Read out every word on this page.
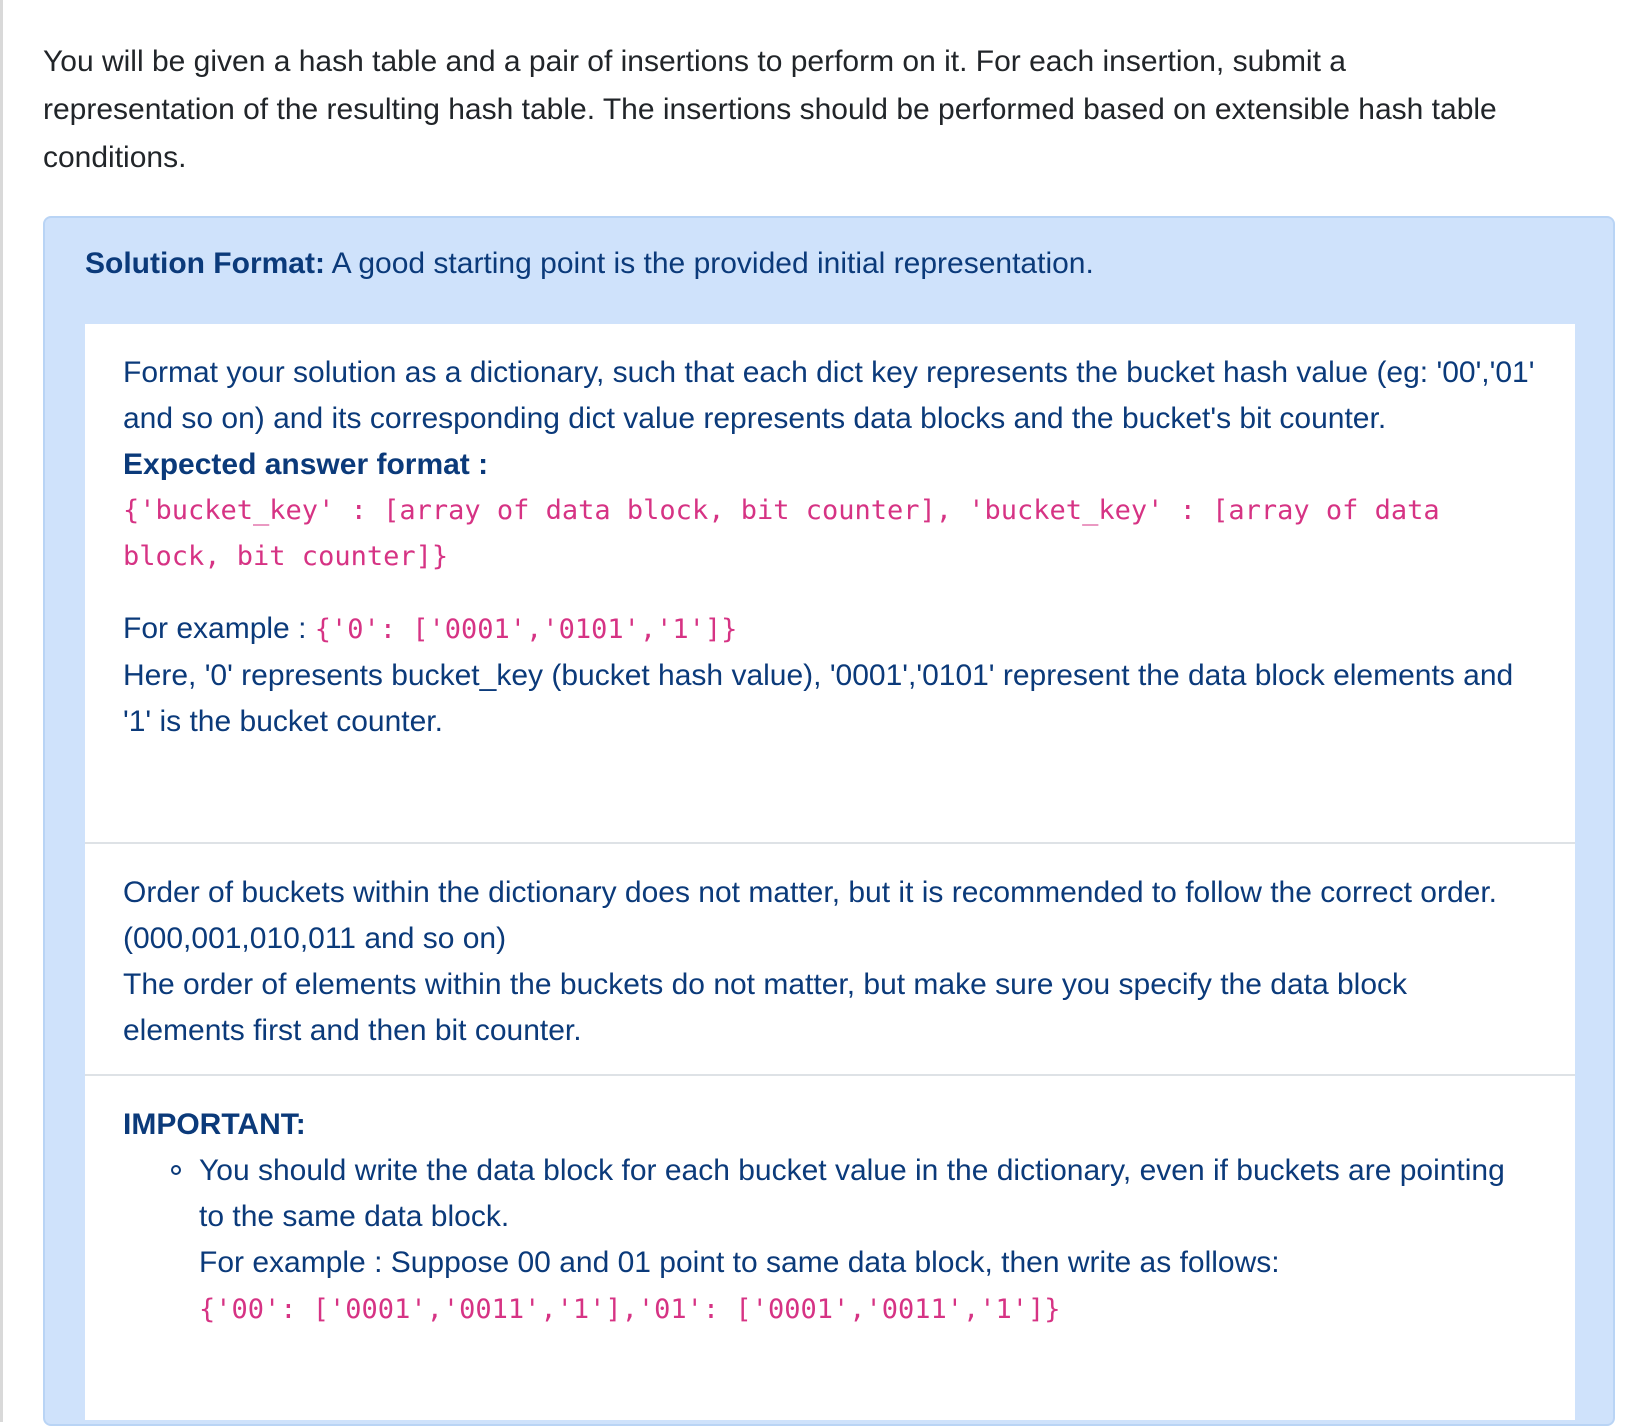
You will be given a hash table and a pair of insertions to perform on it. For each insertion, submit a representation of the resulting hash table. The insertions should be performed based on extensible hash table conditions.

Solution Format: A good starting point is the provided initial representation.

Format your solution as a dictionary, such that each dict key represents the bucket hash value (eg: '00','01' and so on) and its corresponding dict value represents data blocks and the bucket's bit counter.

Expected answer format :

{'bucket_key' : [array of data block, bit counter], 'bucket_key' : [array of data block, bit counter]}

For example : {'0': ['0001','0101','1']}

Here, '0' represents bucket_key (bucket hash value), '0001','0101' represent the data block elements and '1' is the bucket counter.

Order of buckets within the dictionary does not matter, but it is recommended to follow the correct order. (000,001,010,011 and so on)

The order of elements within the buckets do not matter, but make sure you specify the data block elements first and then bit counter.

IMPORTANT:

You should write the data block for each bucket value in the dictionary, even if buckets are pointing to the same data block.
For example : Suppose 00 and 01 point to same data block, then write as follows:
{'00': ['0001','0011','1'],'01': ['0001','0011','1']}
